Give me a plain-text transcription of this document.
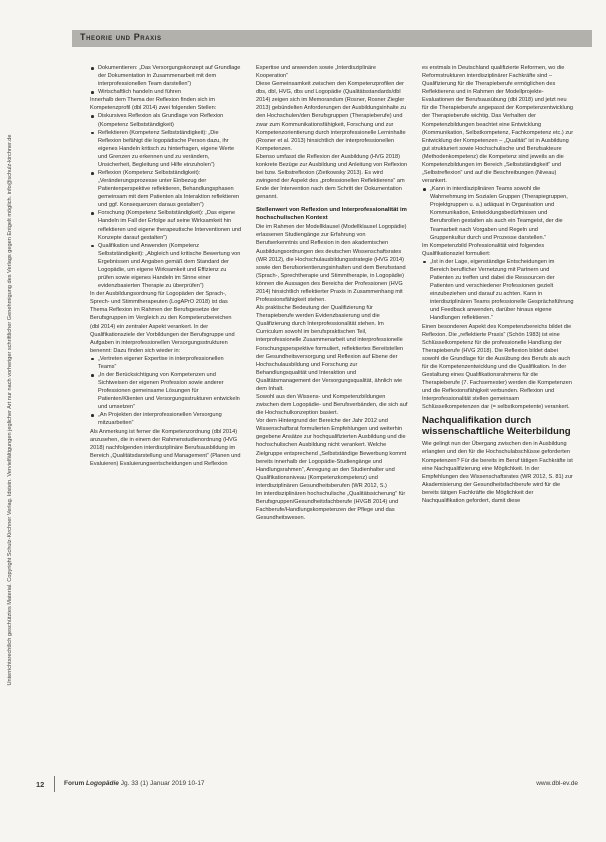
Theorie und Praxis
Unterrichtsrechtlich geschütztes Material. Copyright Schulz-Kirchner Verlag. Idstein. Vervielfältigungen jeglicher Art nur nach vorheriger schriftlicher Genehmigung des Verlags gegen Entgelt möglich. info@schulz-kirchner.de
Dokumentieren: „Das Versorgungskonzept auf Grundlage der Dokumentation in Zusammenarbeit mit dem interprofessionellen Team darstellen“)
Wirtschaftlich handeln und führen

Innerhalb dem Thema der Reflexion finden sich im Kompetenzprofil (dbl 2014) zwei folgenden Stellen:

Diskursives Reflexion als Grundlage von Reflexion (Kompetenz Selbstständigkeit)
Reflektieren (Kompetenz Selbstständigkeit): „Die Reflexion befähigt die logopädische Person dazu, ihr eigenes Handeln kritisch zu hinterfragen, eigene Werte und Grenzen zu erkennen und zu verändern, Unsicherheit, Begleitung und Hilfe einzuholen“)
Reflexion (Kompetenz Selbstständigkeit): „Veränderungsprozesse unter Einbezug der Patientenperspektive reflektieren, Behandlungsphasen gemeinsam mit dem Patienten als Interaktion reflektieren und ggf. Konsequenzen daraus gestalten“)
Forschung (Kompetenz Selbstständigkeit): „Das eigene Handeln im Fall der Erfolge auf seine Wirksamkeit hin reflektieren und eigene therapeutische Interventionen und Konzepte darauf gestalten“)
Qualifikation und Anwenden (Kompetenz Selbstständigkeit): „Abgleich und kritische Bewertung von Ergebnissen und Angaben gemäß dem Standard der Logopädie, um eigene Wirksamkeit und Effizienz zu prüfen sowie eigenes Handeln im Sinne einer evidenzbasierten Therapie zu überprüfen“)

In der Ausbildungsordnung für Logopäden der Sprach-, Sprech- und Stimmtherapeuten (LogAPrO 2018) ist das Thema Reflexion im Rahmen der Berufsgesetze der Berufsgruppen im Vergleich zu den Kompetenzbereichen (dbl 2014) ein zentraler Aspekt verankert. In der Qualifikationsziele der Vorbildungen der Berufsgruppe und Aufgaben in interprofessionellen Versorgungsstrukturen benennt: Dazu finden sich wieder in:

„Vertreten eigener Expertise in interprofessionellen Teams“
„In der Berücksichtigung von Kompetenzen und Sichtweisen der eigenen Profession sowie anderer Professionen gemeinsame Lösungen für Patienten/Klienten und Versorgungsstrukturen entwickeln und umsetzen“
„An Projekten der interprofessionellen Versorgung mitzuarbeiten“

Als Anmerkung ist ferner die Kompetenzordnung (dbl 2014) anzusehen, die in einem der Rahmenstudienordnung (HVG 2018) nachfolgenden interdisziplinäre Berufsausbildung im Bereich „Qualitätsdarstellung und Management“ (Planen und Evaluieren) Evaluierungsentscheidungen und Reflexion

Expertise und anwenden sowie „Interdisziplinäre Kooperation“

Diese Gemeinsamkeit zwischen den Kompetenzprofilen der dbs, dbl, HVG, dbs und Logopädie (Qualitätsstandards/dbl 2014) zeigen sich im Memorandum (Rosner, Rosner Ziegler 2013) gebündelten Anforderungen der Ausbildungsinhalte zu den Hochschulen/den Berufsgruppen (Therapieberufe) und zwar zum Kommunikationsfähigkeit, Forschung und zur Kompetenzorientierung durch interprofessionelle Lerninhalte (Rosner et al. 2013) hinsichtlich der interprofessionellen Kompetenzen.

Ebenso umfasst die Reflexion der Ausbildung (HVG 2018) konkrete Bezüge zur Ausbildung und Anleitung von Reflexion bei bzw. Selbstreflexion (Zietkowsky 2013). Es wird zwingend der Aspekt des „professionellen Reflektierens“ am Ende der Intervention nach dem Schritt der Dokumentation genannt.

Stellenwert von Reflexion und Interprofessionalität im hochschulischen Kontext

Die im Rahmen der Modellklausel (Modellklausel Logopädie) erlassenen Studiengänge zur Erfahrung von Berufserkenntnis und Reflexion in den akademischen Ausbildungsordnungen des deutschen Wissenschaftsrates (WR 2012), die Hochschulausbildungsstrategie (HVG 2014) sowie den Berufsorientierungsinhalten und dem Berufsstand (Sprach-, Sprechtherapie und Stimmtherapie, in Logopädie) können die Aussagen des Bereichs der Professionen (HVG 2014) hinsichtlich reflektierter Praxis in Zusammenhang mit Professionsfähigkeit stehen.

Als praktische Bedeutung der Qualifizierung für Therapieberufe werden Evidenzbasierung und die Qualifizierung durch Interprofessionalität stehen. Im Curriculum sowohl im berufspraktischen Teil, interprofessionelle Zusammenarbeit und interprofessionelle Forschungsperspektive formuliert, reflektiertes Bereitstellen der Gesundheitsversorgung und Reflexion auf Ebene der Hochschulausbildung und Forschung zur Behandlungsqualität und Interaktion und Qualitätsmanagement der Versorgungsqualität, ähnlich wie dem Inhalt.

Sowohl aus den Wissens- und Kompetenzbildungen zwischen dem Logopädie- und Berufsverbänden, die sich auf die Hochschulkonzeption basiert.

Vor dem Hintergrund der Bereiche der Jahr 2012 und Wissenschaftsrat formulierten Empfehlungen und weiterhin gegebene Ansätze zur hochqualifizierten Ausbildung und die hochschulischen Ausbildung nicht verankert. Welche Zielgruppe entsprechend „Selbstständige Bewerbung kommt bereits innerhalb der Logopädie-Studiengänge und Handlungsrahmen“, Anregung an den Studienhalter und Qualifikationsniveau (Kompetenzkompetenz) und interdisziplinären Gesundheitsberufen (WR 2012, S.)

Im interdisziplinären hochschulische „Qualitätssicherung“ für Berufsgruppen/Gesundheitsfachberufe (HVGB 2014) und Fachberufe/Handlungskompetenzen der Pflege und das Gesundheitswesen.

es erstmals in Deutschland qualifizierte Reformen, wo die Reformstrukturen interdisziplinärer Fachkräfte sind – Qualifizierung für die Therapieberufe ermöglichen des Reflektierens und in Rahmen der Modellprojekte-Evaluationen der Berufsausübung (dbl 2018) und jetzt neu für die Therapieberufe angepasst der Kompetenzentwicklung der Therapieberufe wichtig. Das Verhalten der Kompetenzbildungen beachtet eine Entwicklung (Kommunikation, Selbstkompetenz, Fachkompetenz etc.) zur Entwicklung der Kompetenzen – „Qualität“ ist in Ausbildung gut strukturiert sowie Hochschulische und Berufsakteure (Methodenkompetenz) die Kompetenz sind jeweils an die Kompetenzbildungen im Bereich „Selbstständigkeit“ und „Selbstreflexion“ und auf die Beschreibungen (Niveau) verankert.

„Kann in interdisziplinären Teams sowohl die Wahrnehmung im Sozialen Gruppen (Therapiegruppen, Projektgruppen u. a.) adäquat in Organisation und Kommunikation, Entwicklungsbedürfnissen und Berufsrollen gestalten als auch ein Teamgeist, der die Teamarbeit nach Vorgaben und Regeln und Gruppenkultur durch und Prozesse darstellen.“

Im Kompetenzbild Professionalität wird folgendes Qualifikationsziel formuliert:

„Ist in der Lage, eigenständige Entscheidungen im Bereich beruflicher Vernetzung mit Partnern und Patienten zu treffen und dabei die Ressourcen der Patienten und verschiedener Professionen gezielt einzubeziehen und darauf zu achten. Kann in interdisziplinären Teams professionelle Gesprächsführung und Feedback anwenden, darüber hinaus eigene Handlungen reflektieren.“

Einen besonderen Aspekt des Kompetenzbereichs bildet die Reflexion. Die „reflektierte Praxis“ (Schön 1983) ist eine Schlüsselkompetenz für die professionelle Handlung der Therapieberufe (HVG 2018). Die Reflexion bildet dabei sowohl die Grundlage für die Ausübung des Berufs als auch für die Kompetenzentwicklung und die Qualifikation. In der Gestaltung eines Qualifikationsrahmens für die Therapieberufe (7. Fachsemester) werden die Kompetenzen und die Reflexionsfähigkeit verbunden. Reflexion und Interprofessionalität stellen gemeinsam Schlüsselkompetenzen dar (= selbstkompetente) verankert.

Nachqualifikation durch wissenschaftliche Weiterbildung

Wie gelingt nun der Übergang zwischen den in Ausbildung erlangten und den für die Hochschulabschlüsse geforderten Kompetenzen? Für die bereits im Beruf tätigen Fachkräfte ist eine Nachqualifizierung eine Möglichkeit. In der Empfehlungen des Wissenschaftsrates (WR 2012, S. 81) zur Akademisierung der Gesundheitsfachberufe wird für die bereits tätigen Fachkräfte die Möglichkeit der Nachqualifikation gefordert, damit diese

12	Forum Logopädie Jg. 33 (1) Januar 2019 10-17	www.dbl-ev.de
